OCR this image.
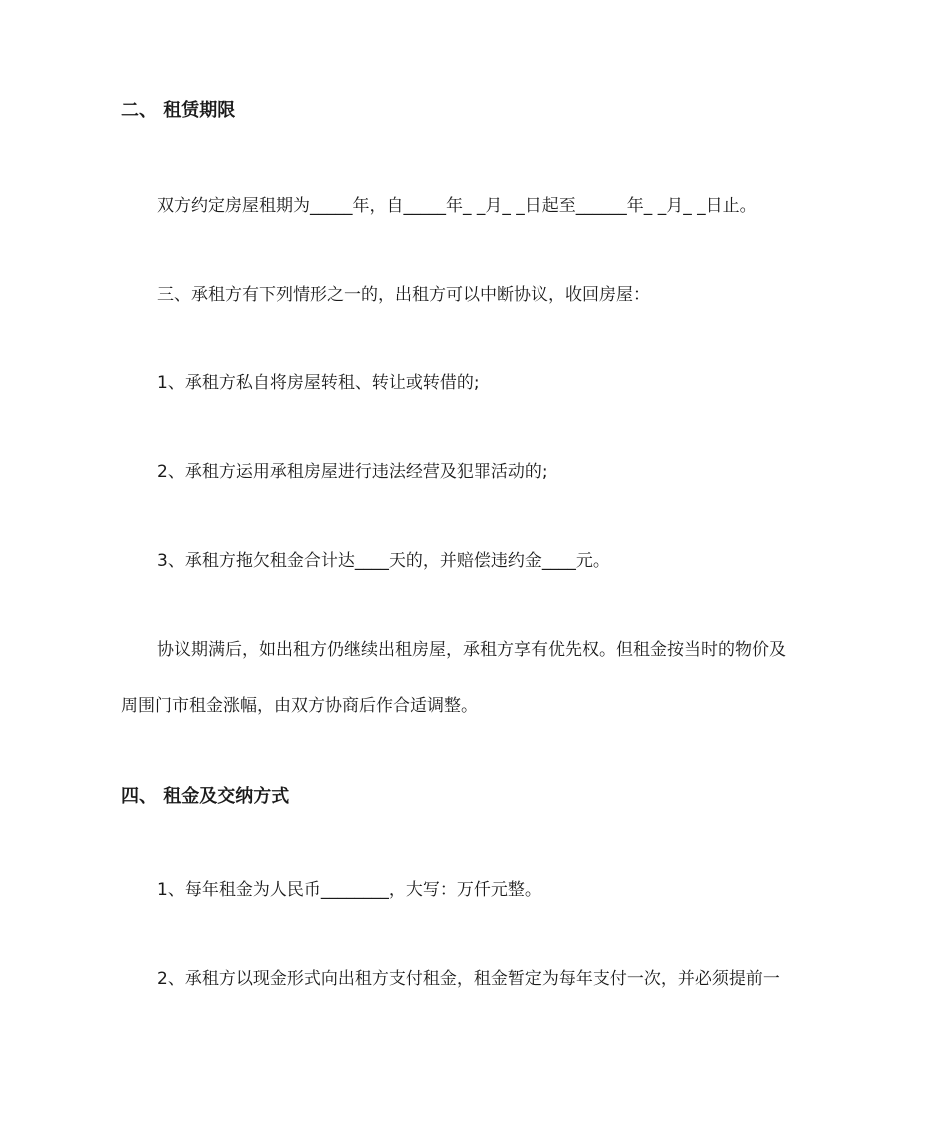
二、 租赁期限
双方约定房屋租期为_____年，自_____年_ _月_ _日起至______年_ _月_ _日止。
三、承租方有下列情形之一的，出租方可以中断协议，收回房屋：
1、承租方私自将房屋转租、转让或转借的;
2、承租方运用承租房屋进行违法经营及犯罪活动的;
3、承租方拖欠租金合计达____天的，并赔偿违约金____元。
协议期满后，如出租方仍继续出租房屋，承租方享有优先权。但租金按当时的物价及
周围门市租金涨幅，由双方协商后作合适调整。
四、 租金及交纳方式
1、每年租金为人民币________，大写：万仟元整。
2、承租方以现金形式向出租方支付租金，租金暂定为每年支付一次，并必须提前一
